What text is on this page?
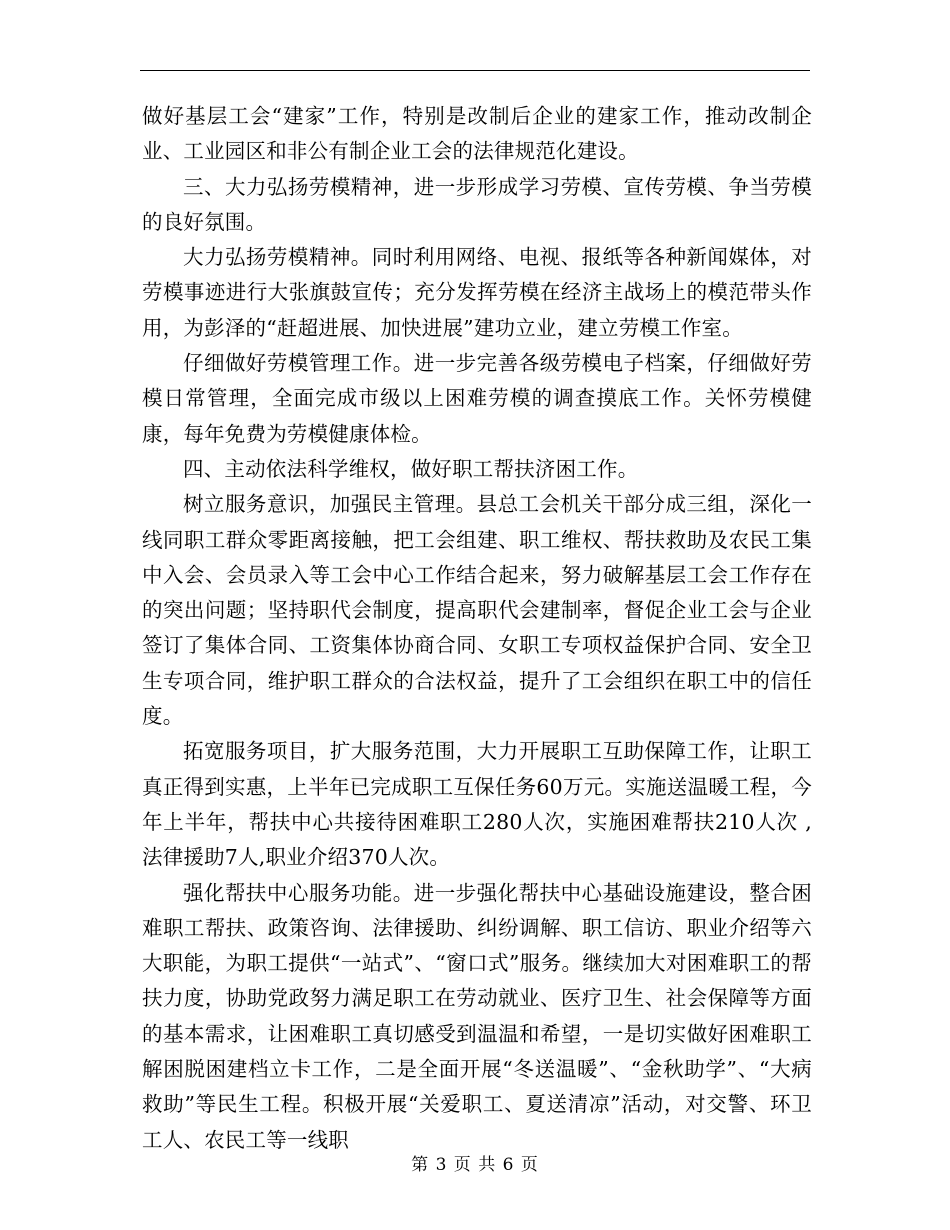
做好基层工会“建家”工作，特别是改制后企业的建家工作，推动改制企业、工业园区和非公有制企业工会的法律规范化建设。

三、大力弘扬劳模精神，进一步形成学习劳模、宣传劳模、争当劳模的良好氛围。

大力弘扬劳模精神。同时利用网络、电视、报纸等各种新闻媒体，对劳模事迹进行大张旗鼓宣传；充分发挥劳模在经济主战场上的模范带头作用，为彭泽的“赶超进展、加快进展”建功立业，建立劳模工作室。

仔细做好劳模管理工作。进一步完善各级劳模电子档案，仔细做好劳模日常管理，全面完成市级以上困难劳模的调查摸底工作。关怀劳模健康，每年免费为劳模健康体检。

四、主动依法科学维权，做好职工帮扶济困工作。

树立服务意识，加强民主管理。县总工会机关干部分成三组，深化一线同职工群众零距离接触，把工会组建、职工维权、帮扶救助及农民工集中入会、会员录入等工会中心工作结合起来，努力破解基层工会工作存在的突出问题；坚持职代会制度，提高职代会建制率，督促企业工会与企业签订了集体合同、工资集体协商合同、女职工专项权益保护合同、安全卫生专项合同，维护职工群众的合法权益，提升了工会组织在职工中的信任度。

拓宽服务项目，扩大服务范围，大力开展职工互助保障工作，让职工真正得到实惠，上半年已完成职工互保任务60万元。实施送温暖工程，今年上半年，帮扶中心共接待困难职工280人次，实施困难帮扶210人次 ,法律援助7人,职业介绍370人次。

强化帮扶中心服务功能。进一步强化帮扶中心基础设施建设，整合困难职工帮扶、政策咨询、法律援助、纠纷调解、职工信访、职业介绍等六大职能，为职工提供“一站式”、“窗口式”服务。继续加大对困难职工的帮扶力度，协助党政努力满足职工在劳动就业、医疗卫生、社会保障等方面的基本需求，让困难职工真切感受到温温和希望，一是切实做好困难职工解困脱困建档立卡工作，二是全面开展“冬送温暖”、“金秋助学”、“大病救助”等民生工程。积极开展“关爱职工、夏送清凉”活动，对交警、环卫工人、农民工等一线职

第 3 页 共 6 页
